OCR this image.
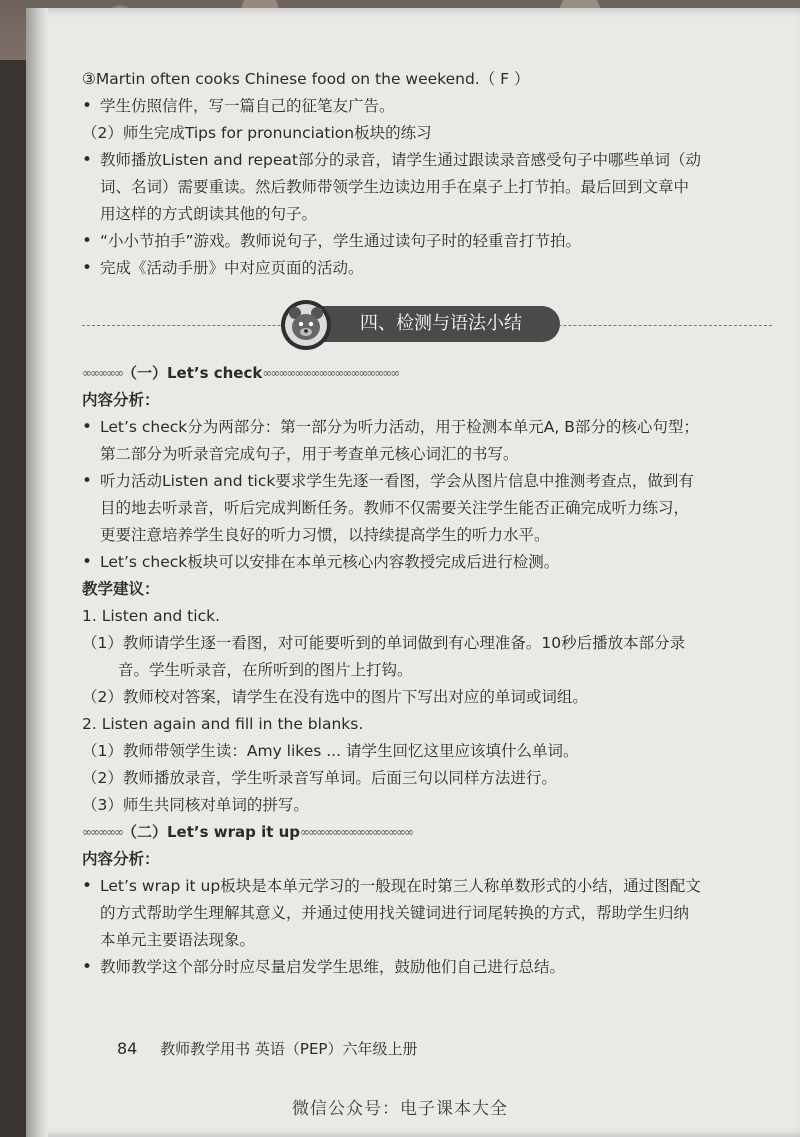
③Martin often cooks Chinese food on the weekend.（ F ）
• 学生仿照信件，写一篇自己的征笔友广告。
（2）师生完成Tips for pronunciation板块的练习
• 教师播放Listen and repeat部分的录音，请学生通过跟读录音感受句子中哪些单词（动
词、名词）需要重读。然后教师带领学生边读边用手在桌子上打节拍。最后回到文章中
用这样的方式朗读其他的句子。
• “小小节拍手”游戏。教师说句子，学生通过读句子时的轻重音打节拍。
• 完成《活动手册》中对应页面的活动。
四、检测与语法小结
∞∞∞∞∞ （一）Let’s check ∞∞∞∞∞∞∞∞∞∞∞∞∞∞∞∞∞
内容分析：
• Let’s check分为两部分：第一部分为听力活动，用于检测本单元A, B部分的核心句型；
第二部分为听录音完成句子，用于考查单元核心词汇的书写。
• 听力活动Listen and tick要求学生先逐一看图，学会从图片信息中推测考查点，做到有
目的地去听录音，听后完成判断任务。教师不仅需要关注学生能否正确完成听力练习，
更要注意培养学生良好的听力习惯，以持续提高学生的听力水平。
• Let’s check板块可以安排在本单元核心内容教授完成后进行检测。
教学建议：
1. Listen and tick.
（1）教师请学生逐一看图，对可能要听到的单词做到有心理准备。10秒后播放本部分录
音。学生听录音，在所听到的图片上打钩。
（2）教师校对答案，请学生在没有选中的图片下写出对应的单词或词组。
2. Listen again and fill in the blanks.
（1）教师带领学生读：Amy likes ... 请学生回忆这里应该填什么单词。
（2）教师播放录音，学生听录音写单词。后面三句以同样方法进行。
（3）师生共同核对单词的拼写。
∞∞∞∞∞ （二）Let’s wrap it up ∞∞∞∞∞∞∞∞∞∞∞∞∞∞
内容分析：
• Let’s wrap it up板块是本单元学习的一般现在时第三人称单数形式的小结，通过图配文
的方式帮助学生理解其意义，并通过使用找关键词进行词尾转换的方式，帮助学生归纳
本单元主要语法现象。
• 教师教学这个部分时应尽量启发学生思维，鼓励他们自己进行总结。
84 教师教学用书 英语（PEP）六年级上册
微信公众号：电子课本大全
